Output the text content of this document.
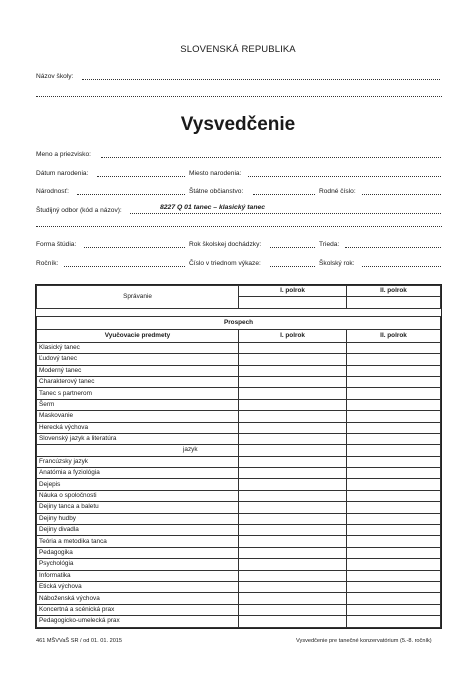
SLOVENSKÁ REPUBLIKA
Názov školy:
Vysvedčenie
Meno a priezvisko:
Dátum narodenia:	Miesto narodenia:
Národnosť:	Štátne občianstvo:	Rodné číslo:
Študijný odbor (kód a názov):	8227 Q 01 tanec – klasický tanec
Forma štúdia:	Rok školskej dochádzky:	Trieda:
Ročník:	Číslo v triednom výkaze:	Školský rok:
Správanie	I. polrok	II. polrok

Prospech		
Vyučovacie predmety	I. polrok	II. polrok
Klasický tanec		
Ľudový tanec		
Moderný tanec		
Charakterový tanec		
Tanec s partnerom		
Šerm		
Maskovanie		
Herecká výchova		
Slovenský jazyk a literatúra		
jazyk		
Francúzsky jazyk		
Anatómia a fyziológia		
Dejepis		
Náuka o spoločnosti		
Dejiny tanca a baletu		
Dejiny hudby		
Dejiny divadla		
Teória a metodika tanca		
Pedagogika		
Psychológia		
Informatika		
Etická výchova		
Náboženská výchova		
Koncertná a scénická prax		
Pedagogicko-umelecká prax		
461 MŠVVaŠ SR / od 01. 01. 2015	Vysvedčenie pre tanečné konzervatórium (5.-8. ročník)
